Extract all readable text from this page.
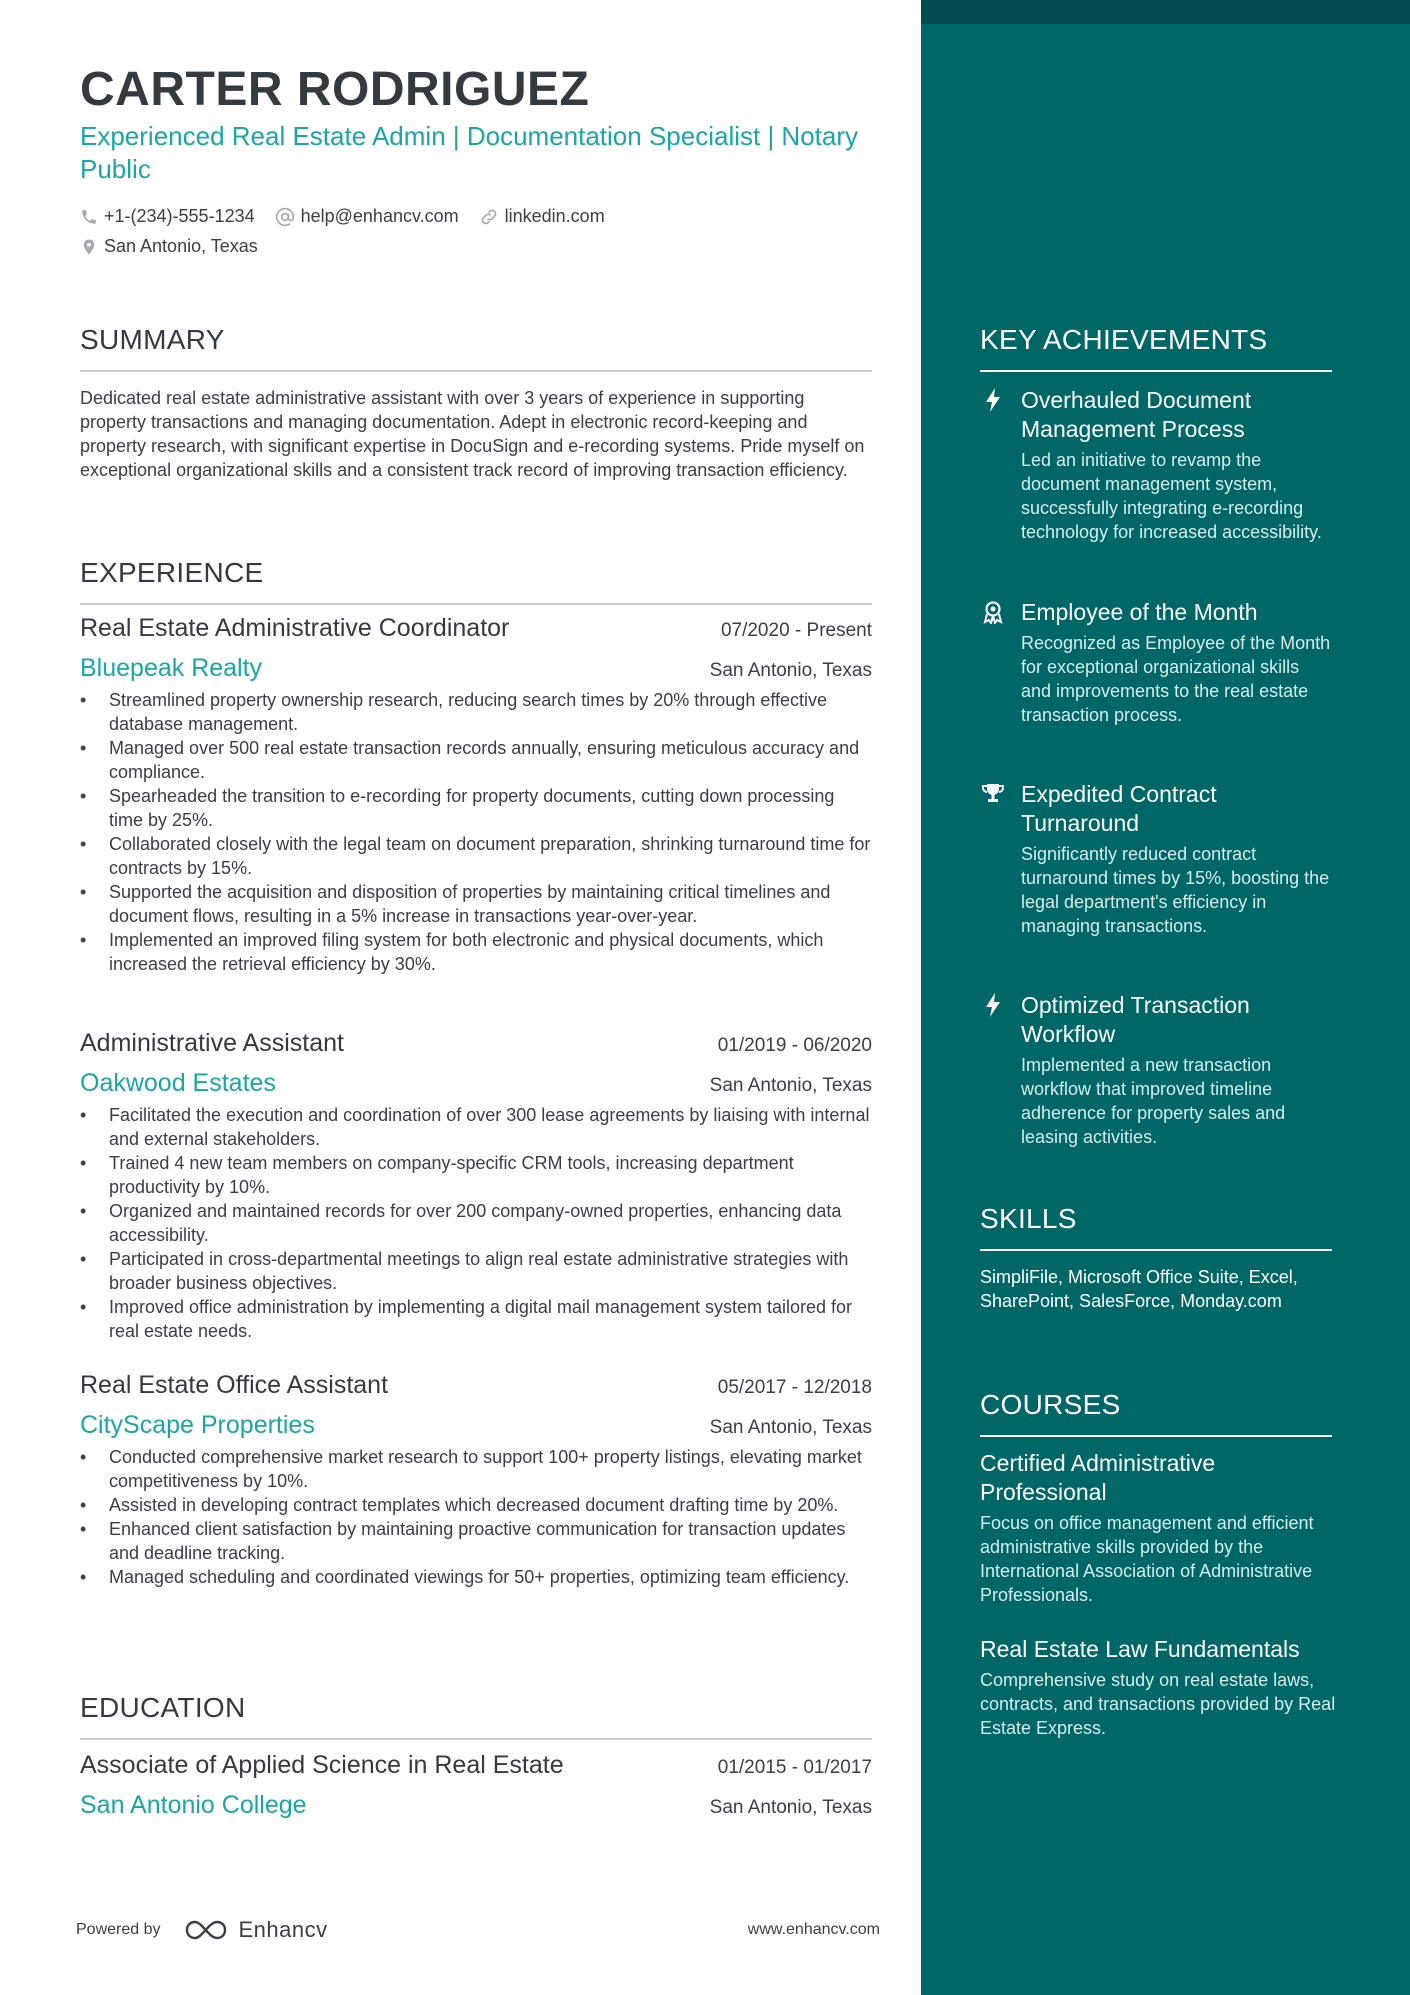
CARTER RODRIGUEZ
Experienced Real Estate Admin | Documentation Specialist | Notary Public
+1-(234)-555-1234	help@enhancv.com	linkedin.com
San Antonio, Texas
SUMMARY
Dedicated real estate administrative assistant with over 3 years of experience in supporting property transactions and managing documentation. Adept in electronic record-keeping and property research, with significant expertise in DocuSign and e-recording systems. Pride myself on exceptional organizational skills and a consistent track record of improving transaction efficiency.
EXPERIENCE
Real Estate Administrative Coordinator	07/2020 - Present
Bluepeak Realty	San Antonio, Texas
• Streamlined property ownership research, reducing search times by 20% through effective database management.
• Managed over 500 real estate transaction records annually, ensuring meticulous accuracy and compliance.
• Spearheaded the transition to e-recording for property documents, cutting down processing time by 25%.
• Collaborated closely with the legal team on document preparation, shrinking turnaround time for contracts by 15%.
• Supported the acquisition and disposition of properties by maintaining critical timelines and document flows, resulting in a 5% increase in transactions year-over-year.
• Implemented an improved filing system for both electronic and physical documents, which increased the retrieval efficiency by 30%.
Administrative Assistant	01/2019 - 06/2020
Oakwood Estates	San Antonio, Texas
• Facilitated the execution and coordination of over 300 lease agreements by liaising with internal and external stakeholders.
• Trained 4 new team members on company-specific CRM tools, increasing department productivity by 10%.
• Organized and maintained records for over 200 company-owned properties, enhancing data accessibility.
• Participated in cross-departmental meetings to align real estate administrative strategies with broader business objectives.
• Improved office administration by implementing a digital mail management system tailored for real estate needs.
Real Estate Office Assistant	05/2017 - 12/2018
CityScape Properties	San Antonio, Texas
• Conducted comprehensive market research to support 100+ property listings, elevating market competitiveness by 10%.
• Assisted in developing contract templates which decreased document drafting time by 20%.
• Enhanced client satisfaction by maintaining proactive communication for transaction updates and deadline tracking.
• Managed scheduling and coordinated viewings for 50+ properties, optimizing team efficiency.
EDUCATION
Associate of Applied Science in Real Estate	01/2015 - 01/2017
San Antonio College	San Antonio, Texas
Powered by	Enhancv	www.enhancv.com
KEY ACHIEVEMENTS
Overhauled Document Management Process
Led an initiative to revamp the document management system, successfully integrating e-recording technology for increased accessibility.
Employee of the Month
Recognized as Employee of the Month for exceptional organizational skills and improvements to the real estate transaction process.
Expedited Contract Turnaround
Significantly reduced contract turnaround times by 15%, boosting the legal department's efficiency in managing transactions.
Optimized Transaction Workflow
Implemented a new transaction workflow that improved timeline adherence for property sales and leasing activities.
SKILLS
SimpliFile, Microsoft Office Suite, Excel, SharePoint, SalesForce, Monday.com
COURSES
Certified Administrative Professional
Focus on office management and efficient administrative skills provided by the International Association of Administrative Professionals.
Real Estate Law Fundamentals
Comprehensive study on real estate laws, contracts, and transactions provided by Real Estate Express.
